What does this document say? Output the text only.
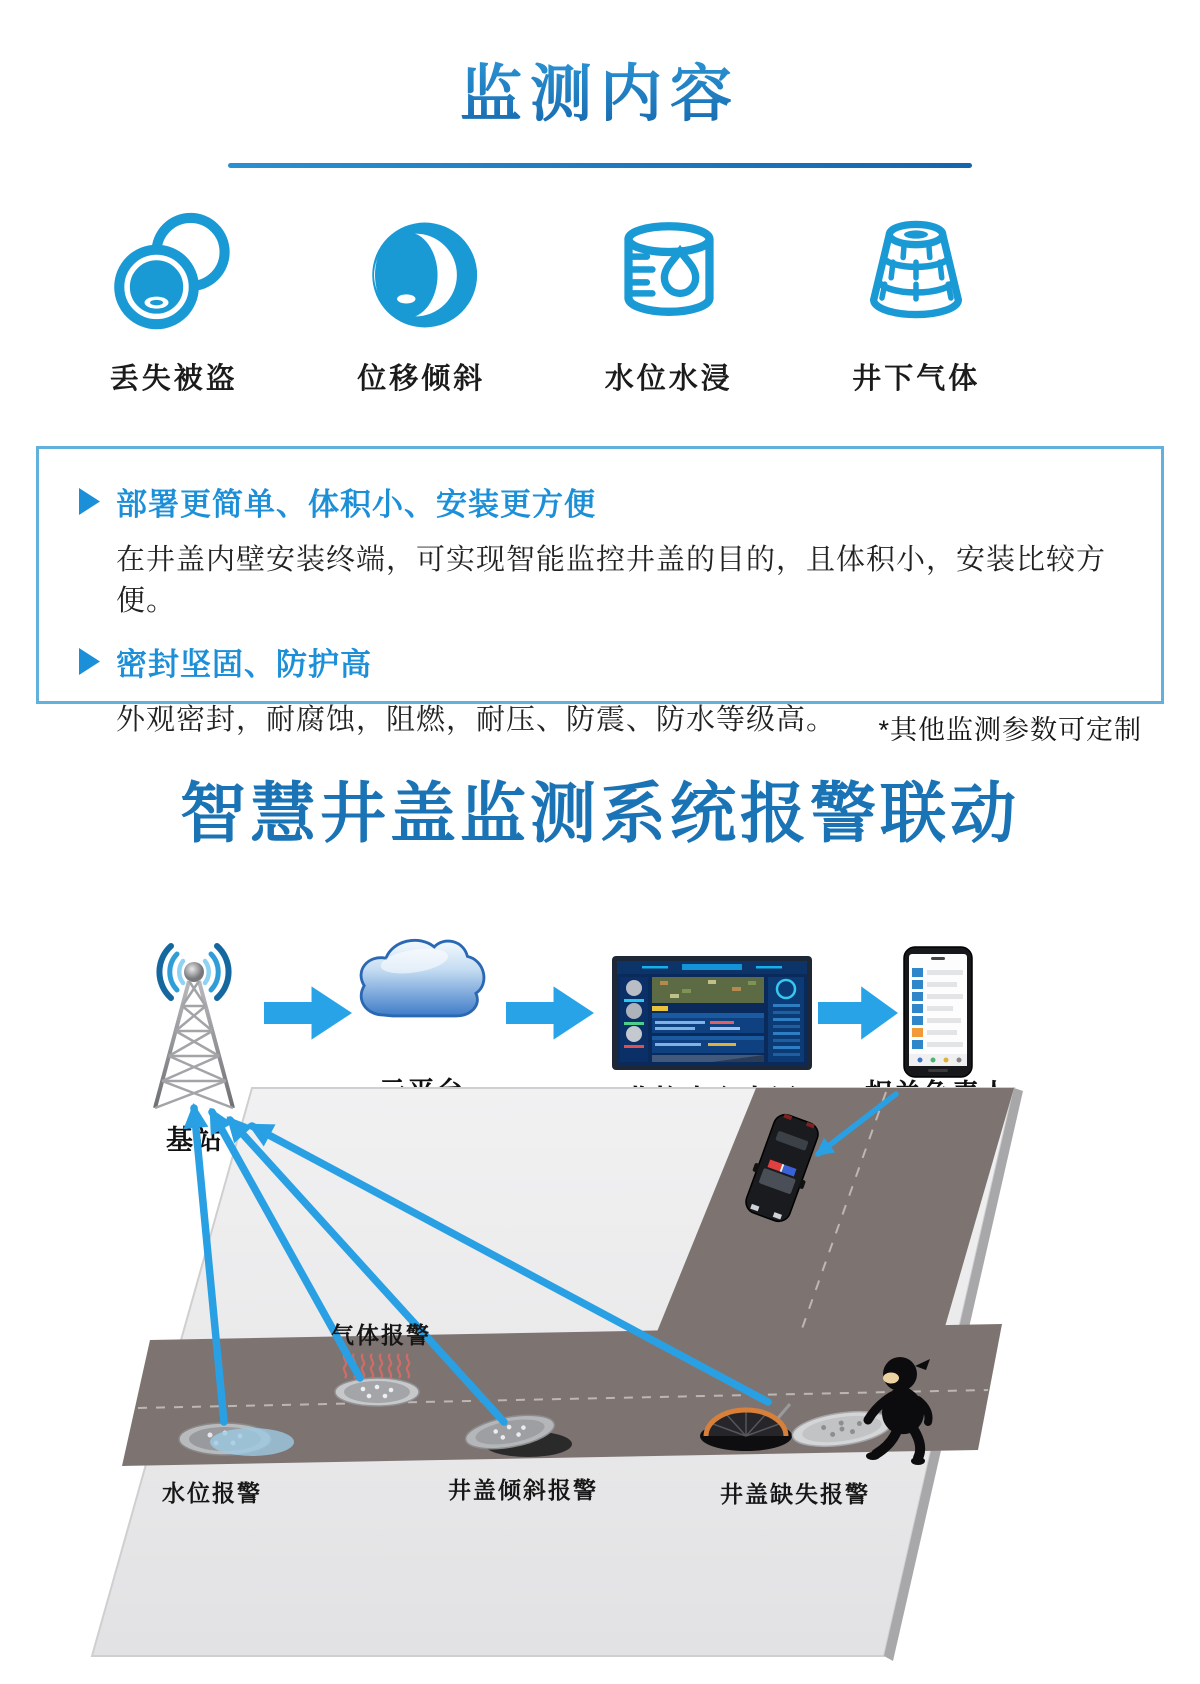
监测内容
丢失被盗	位移倾斜	水位水浸	井下气体
部署更简单、体积小、安装更方便
在井盖内壁安装终端，可实现智能监控井盖的目的，且体积小，安装比较方便。
密封坚固、防护高
外观密封，耐腐蚀，阻燃，耐压、防震、防水等级高。	*其他监测参数可定制
智慧井盖监测系统报警联动
基站
气体报警
水位报警	井盖倾斜报警	井盖缺失报警
